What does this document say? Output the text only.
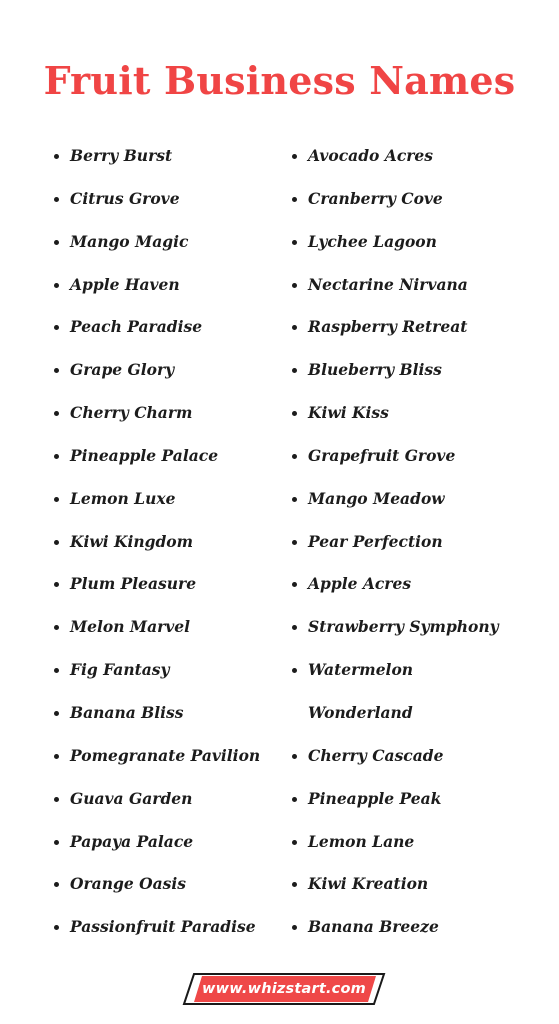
Fruit Business Names
Berry Burst
Citrus Grove
Mango Magic
Apple Haven
Peach Paradise
Grape Glory
Cherry Charm
Pineapple Palace
Lemon Luxe
Kiwi Kingdom
Plum Pleasure
Melon Marvel
Fig Fantasy
Banana Bliss
Pomegranate Pavilion
Guava Garden
Papaya Palace
Orange Oasis
Passionfruit Paradise
Avocado Acres
Cranberry Cove
Lychee Lagoon
Nectarine Nirvana
Raspberry Retreat
Blueberry Bliss
Kiwi Kiss
Grapefruit Grove
Mango Meadow
Pear Perfection
Apple Acres
Strawberry Symphony
Watermelon
Wonderland
Cherry Cascade
Pineapple Peak
Lemon Lane
Kiwi Kreation
Banana Breeze
www.whizstart.com
